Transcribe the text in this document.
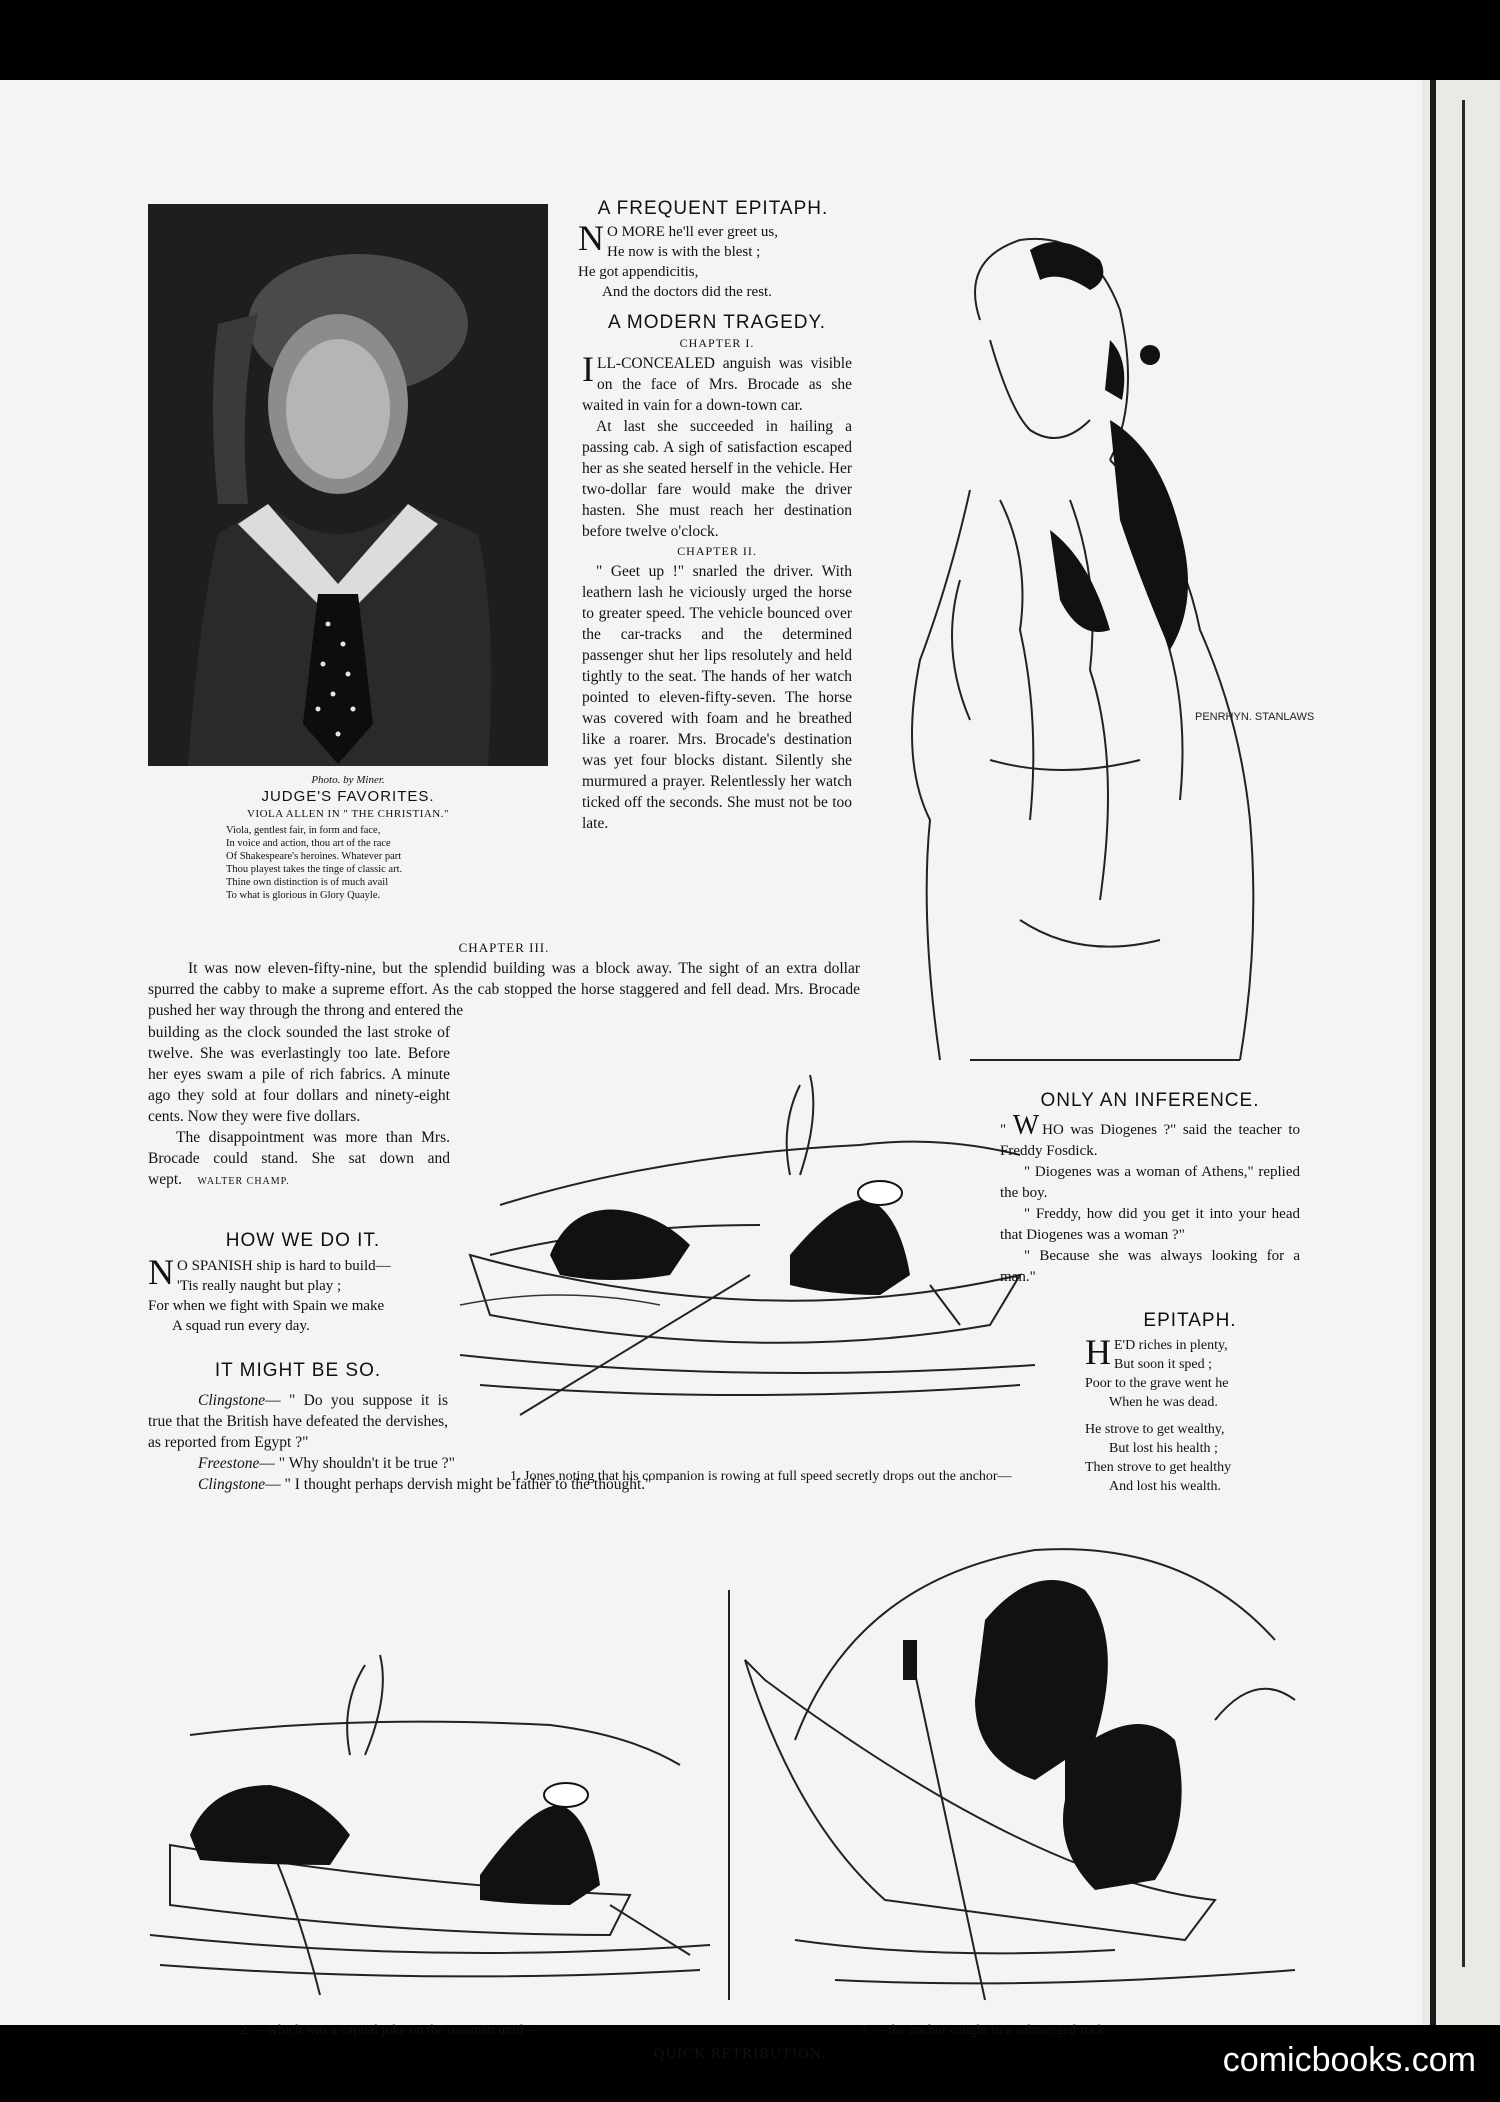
Photo. by Miner.

JUDGE'S FAVORITES.

VIOLA ALLEN IN " THE CHRISTIAN."

Viola, gentlest fair, in form and face,

In voice and action, thou art of the race

Of Shakespeare's heroines. Whatever part

Thou playest takes the tinge of classic art.

Thine own distinction is of much avail

To what is glorious in Glory Quayle.

A FREQUENT EPITAPH.

N O MORE he'll ever greet us,

He now is with the blest ;

He got appendicitis,

And the doctors did the rest.

A MODERN TRAGEDY.

CHAPTER I.

ILL-CONCEALED anguish was visible on the face of Mrs. Brocade as she waited in vain for a down-town car.

At last she succeeded in hailing a passing cab. A sigh of satisfaction escaped her as she seated herself in the vehicle. Her two-dollar fare would make the driver hasten. She must reach her destination before twelve o'clock.

CHAPTER II.

" Geet up !" snarled the driver. With leathern lash he viciously urged the horse to greater speed. The vehicle bounced over the car-tracks and the determined passenger shut her lips resolutely and held tightly to the seat. The hands of her watch pointed to eleven-fifty-seven. The horse was covered with foam and he breathed like a roarer. Mrs. Brocade's destination was yet four blocks distant. Silently she murmured a prayer. Relentlessly her watch ticked off the seconds. She must not be too late.

PENRHYN. STANLAWS

CHAPTER III.

It was now eleven-fifty-nine, but the splendid building was a block away. The sight of an extra dollar spurred the cabby to make a supreme effort. As the cab stopped the horse staggered and fell dead. Mrs. Brocade pushed her way through the throng and entered the

building as the clock sounded the last stroke of twelve. She was everlastingly too late. Before her eyes swam a pile of rich fabrics. A minute ago they sold at four dollars and ninety-eight cents. Now they were five dollars.

The disappointment was more than Mrs. Brocade could stand. She sat down and wept. WALTER CHAMP.

HOW WE DO IT.

N O SPANISH ship is hard to build—

'Tis really naught but play ;

For when we fight with Spain we make

A squad run every day.

IT MIGHT BE SO.

Clingstone— " Do you suppose it is true that the British have defeated the dervishes, as reported from Egypt ?"

Freestone— " Why shouldn't it be true ?"

Clingstone— " I thought perhaps dervish might be father to the thought."

1. Jones noting that his companion is rowing at full speed secretly drops out the anchor—

ONLY AN INFERENCE.

" W HO was Diogenes ?" said the teacher to Freddy Fosdick.

" Diogenes was a woman of Athens," replied the boy.

" Freddy, how did you get it into your head that Diogenes was a woman ?"

" Because she was always looking for a man."

EPITAPH.

H E'D riches in plenty,

But soon it sped ;

Poor to the grave went he

When he was dead.

He strove to get wealthy,

But lost his health ;

Then strove to get healthy

And lost his wealth.

2. —which was a capital joke on the oarsman until —	3. —the anchor caught in a submerged rock.
QUICK RETRIBUTION.	comicbooks.com
